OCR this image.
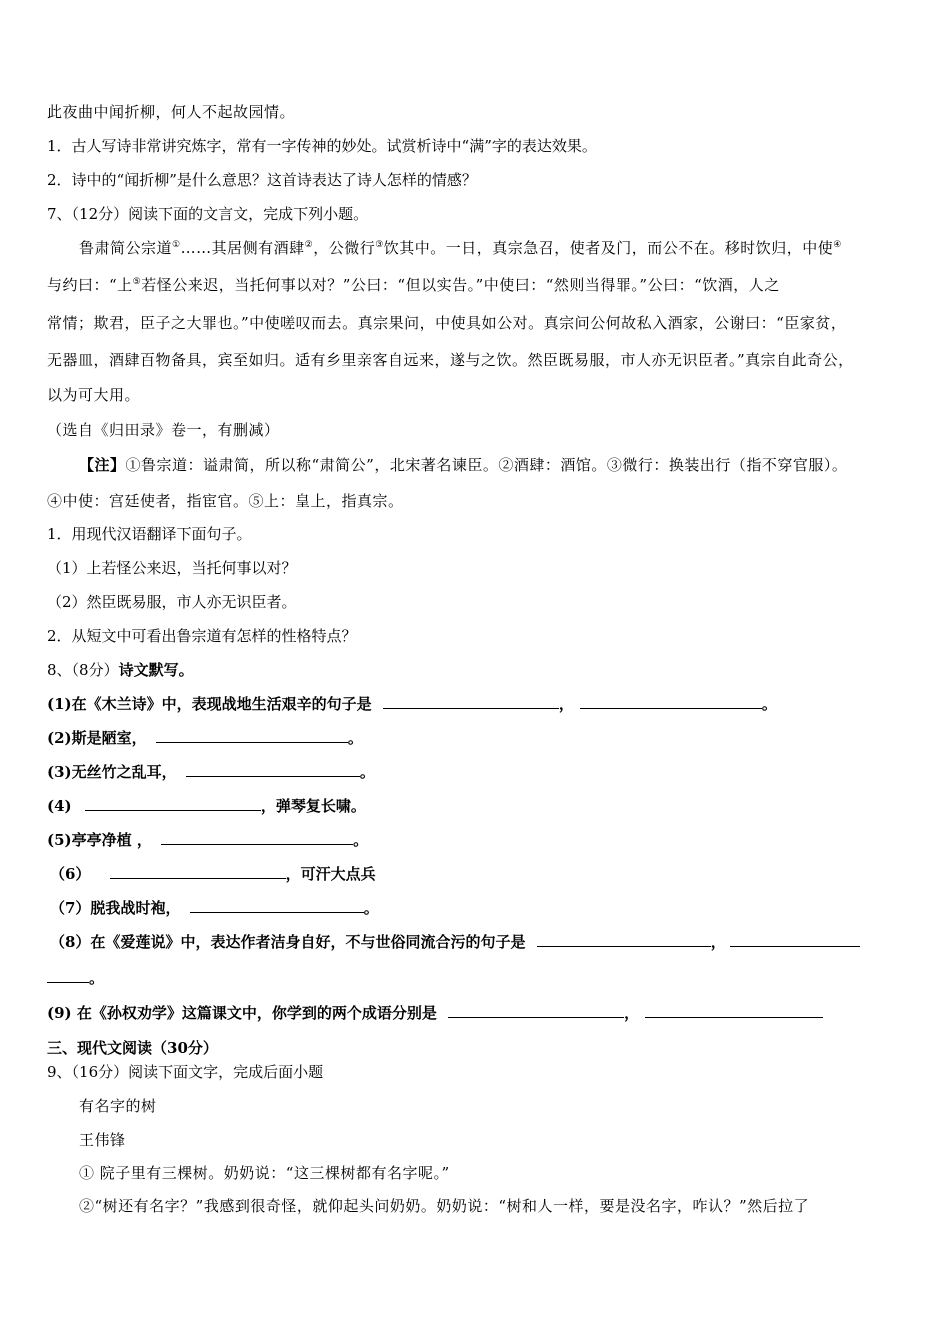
此夜曲中闻折柳，何人不起故园情。
1．古人写诗非常讲究炼字，常有一字传神的妙处。试赏析诗中“满”字的表达效果。
2．诗中的“闻折柳”是什么意思？这首诗表达了诗人怎样的情感？
7、（12分）阅读下面的文言文，完成下列小题。
鲁肃简公宗道①……其居侧有酒肆②，公微行③饮其中。一日，真宗急召，使者及门，而公不在。移时饮归，中使④
与约曰：“上⑤若怪公来迟，当托何事以对？”公曰：“但以实告。”中使曰：“然则当得罪。”公曰：“饮酒，人之
常情；欺君，臣子之大罪也。”中使嗟叹而去。真宗果问，中使具如公对。真宗问公何故私入酒家，公谢曰：“臣家贫，
无器皿，酒肆百物备具，宾至如归。适有乡里亲客自远来，遂与之饮。然臣既易服，市人亦无识臣者。”真宗自此奇公，
以为可大用。
（选自《归田录》卷一，有删减）
【注】①鲁宗道：谥肃简，所以称“肃简公”，北宋著名谏臣。②酒肆：酒馆。③微行：换装出行（指不穿官服）。
④中使：宫廷使者，指宦官。⑤上：皇上，指真宗。
1．用现代汉语翻译下面句子。
（1）上若怪公来迟，当托何事以对？
（2）然臣既易服，市人亦无识臣者。
2．从短文中可看出鲁宗道有怎样的性格特点？
8、（8分）诗文默写。
(1)在《木兰诗》中，表现战地生活艰辛的句子是	，	。
(2)斯是陋室，	。
(3)无丝竹之乱耳，	。
(4)	，弹琴复长啸。
(5)亭亭净植 ，	。
（6）	，可汗大点兵
（7）脱我战时袍，	。
（8）在《爱莲说》中，表达作者洁身自好，不与世俗同流合污的句子是	，
。
(9) 在《孙权劝学》这篇课文中，你学到的两个成语分别是	，
三、现代文阅读（30分）
9、（16分）阅读下面文字，完成后面小题
有名字的树
王伟锋
① 院子里有三棵树。奶奶说：“这三棵树都有名字呢。”
②“树还有名字？”我感到很奇怪，就仰起头问奶奶。奶奶说：“树和人一样，要是没名字，咋认？”然后拉了
